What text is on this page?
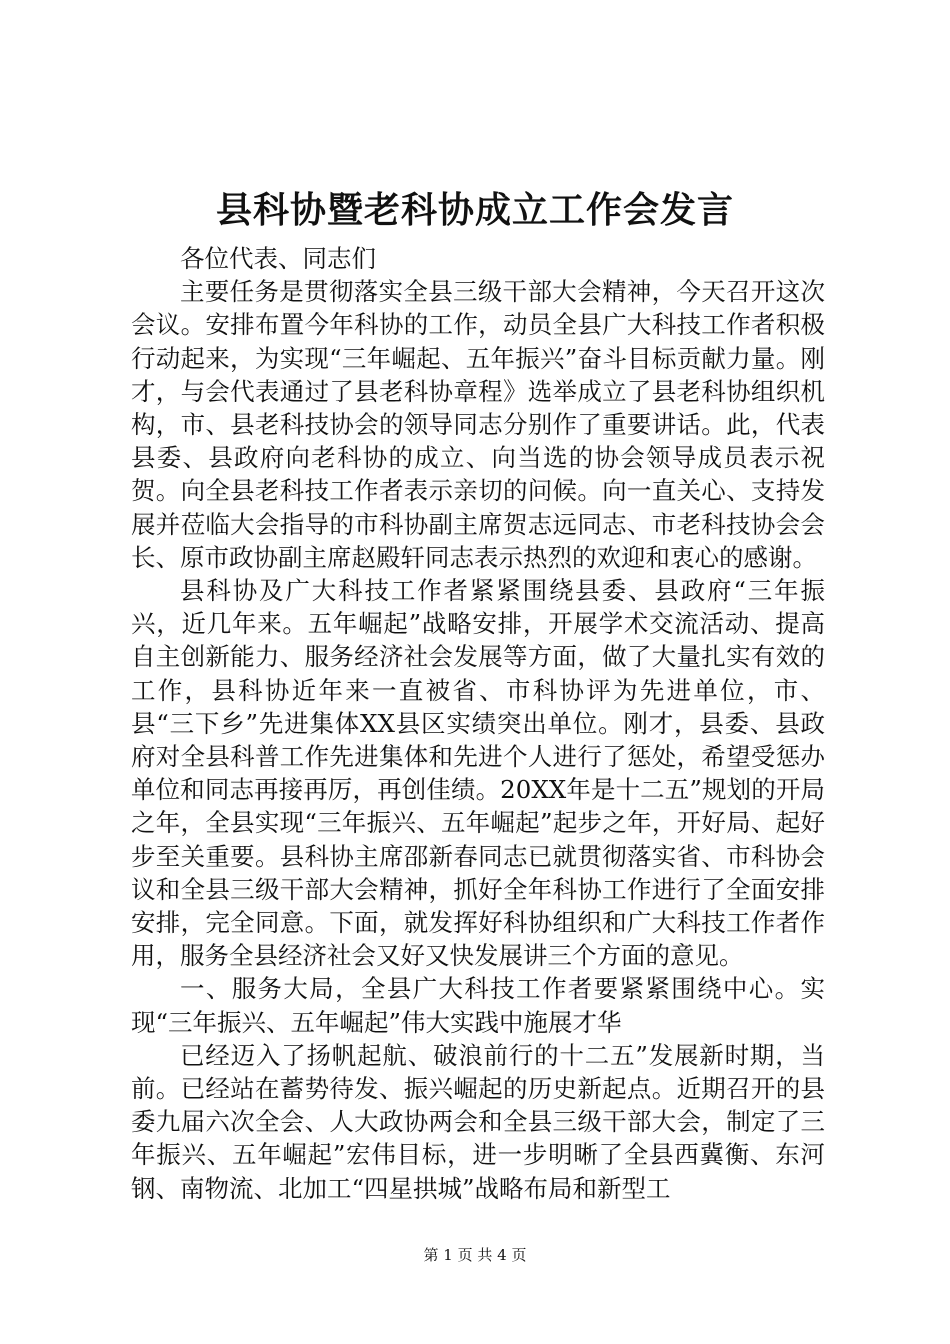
县科协暨老科协成立工作会发言

各位代表、同志们

主要任务是贯彻落实全县三级干部大会精神，今天召开这次会议。安排布置今年科协的工作，动员全县广大科技工作者积极行动起来，为实现“三年崛起、五年振兴”奋斗目标贡献力量。刚才，与会代表通过了县老科协章程》选举成立了县老科协组织机构，市、县老科技协会的领导同志分别作了重要讲话。此，代表县委、县政府向老科协的成立、向当选的协会领导成员表示祝贺。向全县老科技工作者表示亲切的问候。向一直关心、支持发展并莅临大会指导的市科协副主席贺志远同志、市老科技协会会长、原市政协副主席赵殿轩同志表示热烈的欢迎和衷心的感谢。

县科协及广大科技工作者紧紧围绕县委、县政府“三年振兴，近几年来。五年崛起”战略安排，开展学术交流活动、提高自主创新能力、服务经济社会发展等方面，做了大量扎实有效的工作，县科协近年来一直被省、市科协评为先进单位，市、县“三下乡”先进集体XX县区实绩突出单位。刚才，县委、县政府对全县科普工作先进集体和先进个人进行了惩处，希望受惩办单位和同志再接再厉，再创佳绩。20XX年是十二五”规划的开局之年，全县实现“三年振兴、五年崛起”起步之年，开好局、起好步至关重要。县科协主席邵新春同志已就贯彻落实省、市科协会议和全县三级干部大会精神，抓好全年科协工作进行了全面安排安排，完全同意。下面，就发挥好科协组织和广大科技工作者作用，服务全县经济社会又好又快发展讲三个方面的意见。

一、服务大局，全县广大科技工作者要紧紧围绕中心。实现“三年振兴、五年崛起”伟大实践中施展才华

已经迈入了扬帆起航、破浪前行的十二五”发展新时期，当前。已经站在蓄势待发、振兴崛起的历史新起点。近期召开的县委九届六次全会、人大政协两会和全县三级干部大会，制定了三年振兴、五年崛起”宏伟目标，进一步明晰了全县西冀衡、东河钢、南物流、北加工“四星拱城”战略布局和新型工

第 1 页 共 4 页
